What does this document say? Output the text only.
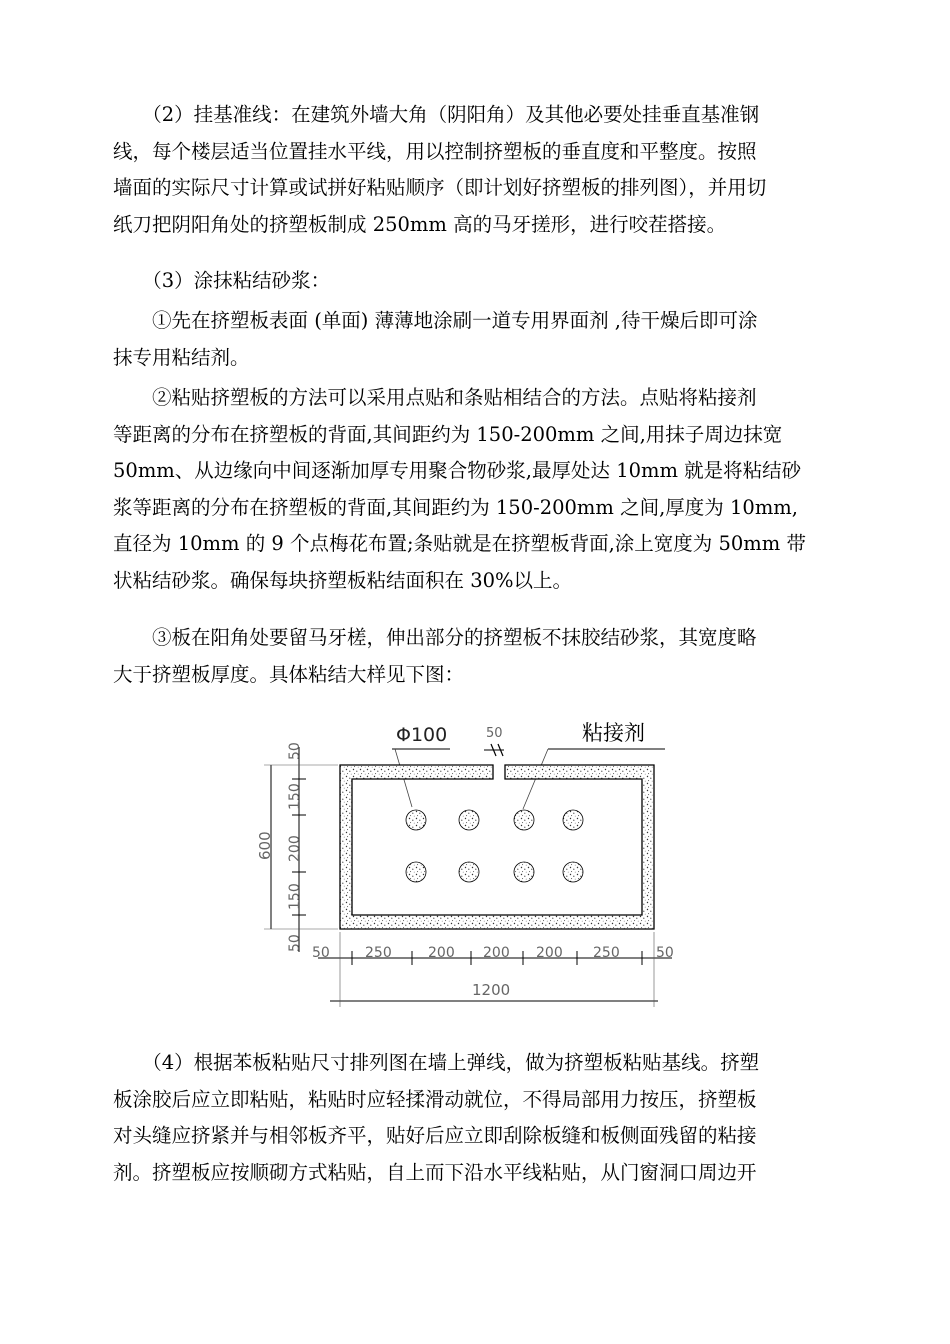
　　（2）挂基准线：在建筑外墙大角（阴阳角）及其他必要处挂垂直基准钢
线，每个楼层适当位置挂水平线，用以控制挤塑板的垂直度和平整度。按照
墙面的实际尺寸计算或试拼好粘贴顺序（即计划好挤塑板的排列图），并用切
纸刀把阴阳角处的挤塑板制成 250mm 高的马牙搓形，进行咬茬搭接。

　　（3）涂抹粘结砂浆：

　　①先在挤塑板表面 (单面) 薄薄地涂刷一道专用界面剂 ,待干燥后即可涂
抹专用粘结剂。

　　②粘贴挤塑板的方法可以采用点贴和条贴相结合的方法。点贴将粘接剂
等距离的分布在挤塑板的背面,其间距约为 150-200mm 之间,用抹子周边抹宽
50mm、从边缘向中间逐渐加厚专用聚合物砂浆,最厚处达 10mm 就是将粘结砂
浆等距离的分布在挤塑板的背面,其间距约为 150-200mm 之间,厚度为 10mm,
直径为 10mm 的 9 个点梅花布置;条贴就是在挤塑板背面,涂上宽度为 50mm 带
状粘结砂浆。确保每块挤塑板粘结面积在 30%以上。

　　③板在阳角处要留马牙槎，伸出部分的挤塑板不抹胶结砂浆，其宽度略
大于挤塑板厚度。具体粘结大样见下图：

Φ100	50	粘接剂
50
150
200
150
50
600
50	250	200 200 200 250	50
1200

　　（4）根据苯板粘贴尺寸排列图在墙上弹线，做为挤塑板粘贴基线。挤塑
板涂胶后应立即粘贴，粘贴时应轻揉滑动就位，不得局部用力按压，挤塑板
对头缝应挤紧并与相邻板齐平，贴好后应立即刮除板缝和板侧面残留的粘接
剂。挤塑板应按顺砌方式粘贴，自上而下沿水平线粘贴，从门窗洞口周边开
